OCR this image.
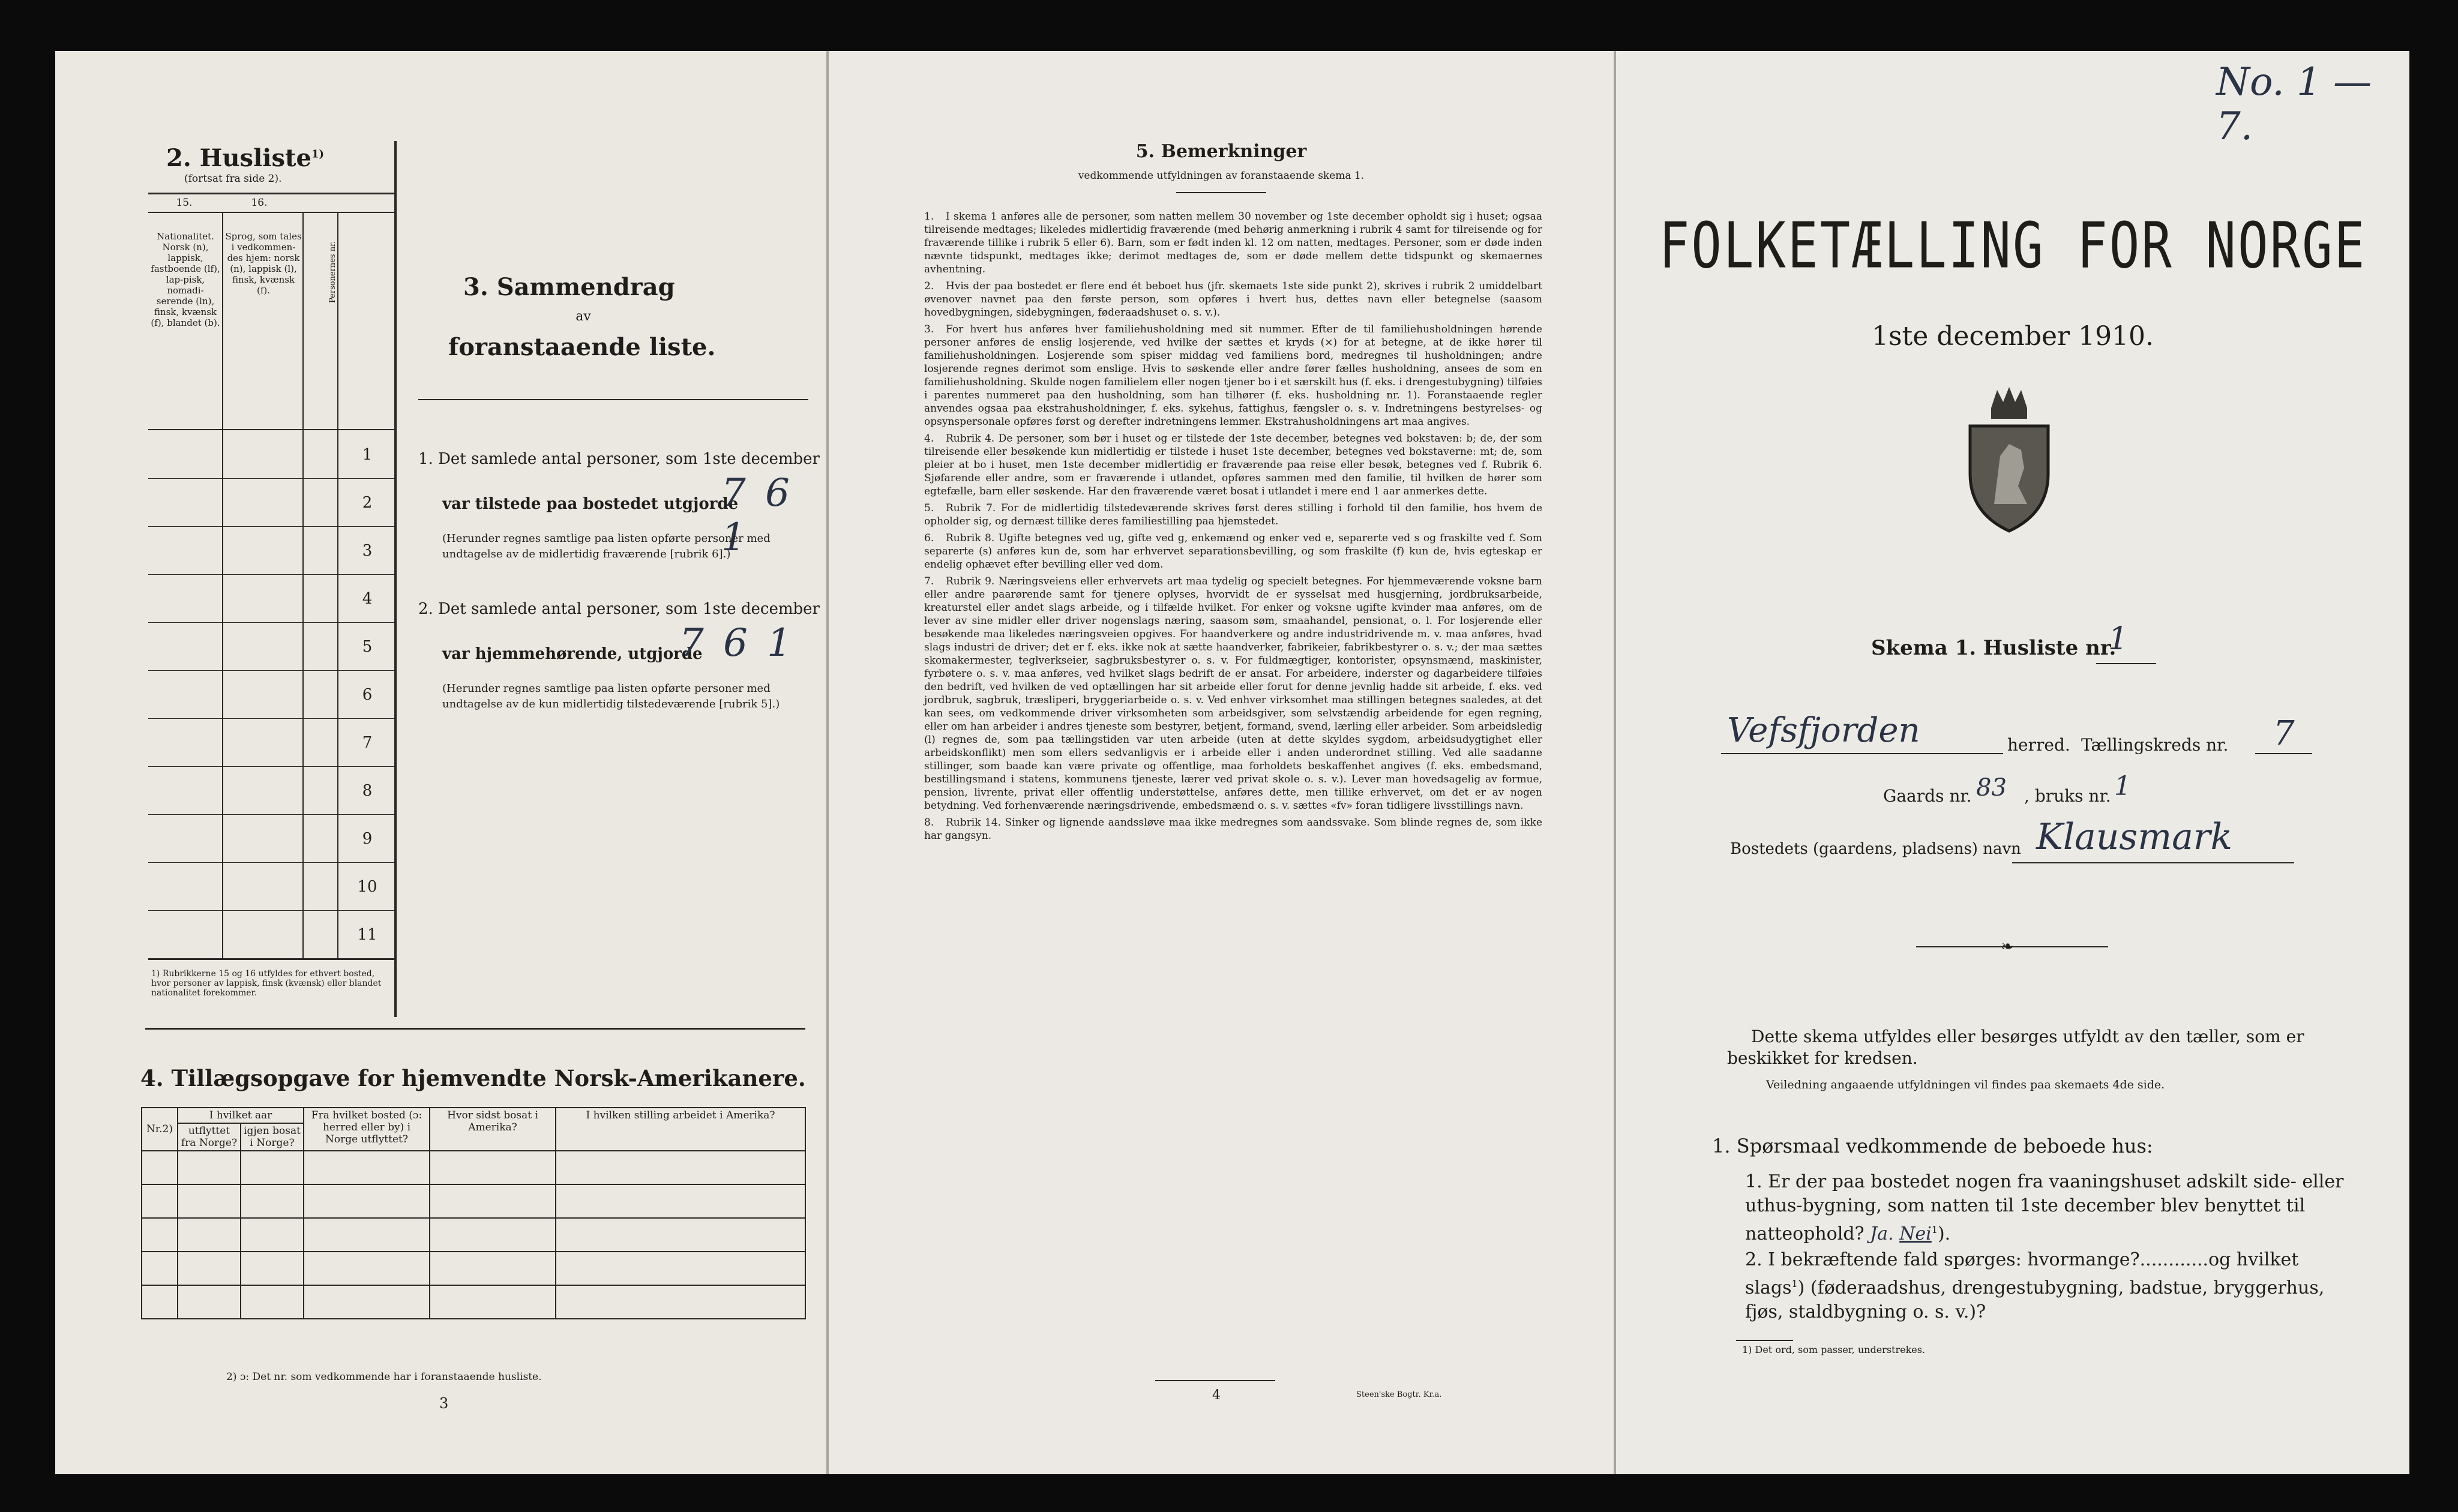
2. Husliste$^{1)}$
(fortsat fra side 2).
15.	16.
Nationalitet. Norsk (n), lappisk, fastboende (lf), lap-pisk, nomadi-serende (ln), finsk, kvænsk (f), blandet (b).
Sprog, som tales i vedkommen-des hjem: norsk (n), lappisk (l), finsk, kvænsk (f).	Personernes nr.
1
2
3
4
5
6
7
8
9
10
11
1) Rubrikkerne 15 og 16 utfyldes for ethvert bosted, hvor personer av lappisk, finsk (kvænsk) eller blandet nationalitet forekommer.
3. Sammendrag
av
foranstaaende liste.
1. Det samlede antal personer, som 1ste december
var tilstede paa bostedet utgjorde
7 6 1
(Herunder regnes samtlige paa listen opførte personer med undtagelse av de midlertidig fraværende [rubrik 6].)
2. Det samlede antal personer, som 1ste december
var hjemmehørende, utgjorde
7 6 1
(Herunder regnes samtlige paa listen opførte personer med undtagelse av de kun midlertidig tilstedeværende [rubrik 5].)
4. Tillægsopgave for hjemvendte Norsk-Amerikanere.
Nr.2)	I hvilket aar		Fra hvilket bosted (ɔ: herred eller by) i Norge utflyttet?	Hvor sidst bosat i Amerika?	I hvilken stilling arbeidet i Amerika?
	utflyttet fra Norge?	igjen bosat i Norge?			

2) ɔ: Det nr. som vedkommende har i foranstaaende husliste.
3
5. Bemerkninger
vedkommende utfyldningen av foranstaaende skema 1.

1. I skema 1 anføres alle de personer, som natten mellem 30 november og 1ste december opholdt sig i huset; ogsaa tilreisende medtages; likeledes midlertidig fraværende (med behørig anmerkning i rubrik 4 samt for tilreisende og for fraværende tillike i rubrik 5 eller 6). Barn, som er født inden kl. 12 om natten, medtages. Personer, som er døde inden nævnte tidspunkt, medtages ikke; derimot medtages de, som er døde mellem dette tidspunkt og skemaernes avhentning.

2. Hvis der paa bostedet er flere end ét beboet hus (jfr. skemaets 1ste side punkt 2), skrives i rubrik 2 umiddelbart øvenover navnet paa den første person, som opføres i hvert hus, dettes navn eller betegnelse (saasom hovedbygningen, sidebygningen, føderaadshuset o. s. v.).

3. For hvert hus anføres hver familiehusholdning med sit nummer. Efter de til familiehusholdningen hørende personer anføres de enslig losjerende, ved hvilke der sættes et kryds (×) for at betegne, at de ikke hører til familiehusholdningen. Losjerende som spiser middag ved familiens bord, medregnes til husholdningen; andre losjerende regnes derimot som enslige. Hvis to søskende eller andre fører fælles husholdning, ansees de som en familiehusholdning. Skulde nogen familielem eller nogen tjener bo i et særskilt hus (f. eks. i drengestubygning) tilføies i parentes nummeret paa den husholdning, som han tilhører (f. eks. husholdning nr. 1). Foranstaaende regler anvendes ogsaa paa ekstrahusholdninger, f. eks. sykehus, fattighus, fængsler o. s. v. Indretningens bestyrelses- og opsynspersonale opføres først og derefter indretningens lemmer. Ekstrahusholdningens art maa angives.

4. Rubrik 4. De personer, som bør i huset og er tilstede der 1ste december, betegnes ved bokstaven: b; de, der som tilreisende eller besøkende kun midlertidig er tilstede i huset 1ste december, betegnes ved bokstaverne: mt; de, som pleier at bo i huset, men 1ste december midlertidig er fraværende paa reise eller besøk, betegnes ved f. Rubrik 6. Sjøfarende eller andre, som er fraværende i utlandet, opføres sammen med den familie, til hvilken de hører som egtefælle, barn eller søskende. Har den fraværende været bosat i utlandet i mere end 1 aar anmerkes dette.

5. Rubrik 7. For de midlertidig tilstedeværende skrives først deres stilling i forhold til den familie, hos hvem de opholder sig, og dernæst tillike deres familiestilling paa hjemstedet.

6. Rubrik 8. Ugifte betegnes ved ug, gifte ved g, enkemænd og enker ved e, separerte ved s og fraskilte ved f. Som separerte (s) anføres kun de, som har erhvervet separationsbevilling, og som fraskilte (f) kun de, hvis egteskap er endelig ophævet efter bevilling eller ved dom.

7. Rubrik 9. Næringsveiens eller erhvervets art maa tydelig og specielt betegnes. For hjemmeværende voksne barn eller andre paarørende samt for tjenere oplyses, hvorvidt de er sysselsat med husgjerning, jordbruksarbeide, kreaturstel eller andet slags arbeide, og i tilfælde hvilket. For enker og voksne ugifte kvinder maa anføres, om de lever av sine midler eller driver nogenslags næring, saasom søm, smaahandel, pensionat, o. l. For losjerende eller besøkende maa likeledes næringsveien opgives. For haandverkere og andre industridrivende m. v. maa anføres, hvad slags industri de driver; det er f. eks. ikke nok at sætte haandverker, fabrikeier, fabrikbestyrer o. s. v.; der maa sættes skomakermester, teglverkseier, sagbruksbestyrer o. s. v. For fuldmægtiger, kontorister, opsynsmænd, maskinister, fyrbøtere o. s. v. maa anføres, ved hvilket slags bedrift de er ansat. For arbeidere, inderster og dagarbeidere tilføies den bedrift, ved hvilken de ved optællingen har sit arbeide eller forut for denne jevnlig hadde sit arbeide, f. eks. ved jordbruk, sagbruk, træsliperi, bryggeriarbeide o. s. v. Ved enhver virksomhet maa stillingen betegnes saaledes, at det kan sees, om vedkommende driver virksomheten som arbeidsgiver, som selvstændig arbeidende for egen regning, eller om han arbeider i andres tjeneste som bestyrer, betjent, formand, svend, lærling eller arbeider. Som arbeidsledig (l) regnes de, som paa tællingstiden var uten arbeide (uten at dette skyldes sygdom, arbeidsudygtighet eller arbeidskonflikt) men som ellers sedvanligvis er i arbeide eller i anden underordnet stilling. Ved alle saadanne stillinger, som baade kan være private og offentlige, maa forholdets beskaffenhet angives (f. eks. embedsmand, bestillingsmand i statens, kommunens tjeneste, lærer ved privat skole o. s. v.). Lever man hovedsagelig av formue, pension, livrente, privat eller offentlig understøttelse, anføres dette, men tillike erhvervet, om det er av nogen betydning. Ved forhenværende næringsdrivende, embedsmænd o. s. v. sættes «fv» foran tidligere livsstillings navn.

8. Rubrik 14. Sinker og lignende aandssløve maa ikke medregnes som aandssvake. Som blinde regnes de, som ikke har gangsyn.

4	Steen'ske Bogtr. Kr.a.
No. 1 — 7.
FOLKETÆLLING FOR NORGE
1ste december 1910.
Skema 1. Husliste nr.
1
Vefsfjorden	herred. Tællingskreds nr. 7
Gaards nr. 83 , bruks nr. 1
Bostedets (gaardens, pladsens) navn Klausmark
❧
Dette skema utfyldes eller besørges utfyldt av den tæller, som er beskikket for kredsen.
Veiledning angaaende utfyldningen vil findes paa skemaets 4de side.
1. Spørsmaal vedkommende de beboede hus:
1. Er der paa bostedet nogen fra vaaningshuset adskilt side- eller uthus-bygning, som natten til 1ste december blev benyttet til natteophold? Ja. Nei$^1$).
2. I bekræftende fald spørges: hvormange?............og hvilket slags$^1$) (føderaadshus, drengestubygning, badstue, bryggerhus, fjøs, staldbygning o. s. v.)?
1) Det ord, som passer, understrekes.
